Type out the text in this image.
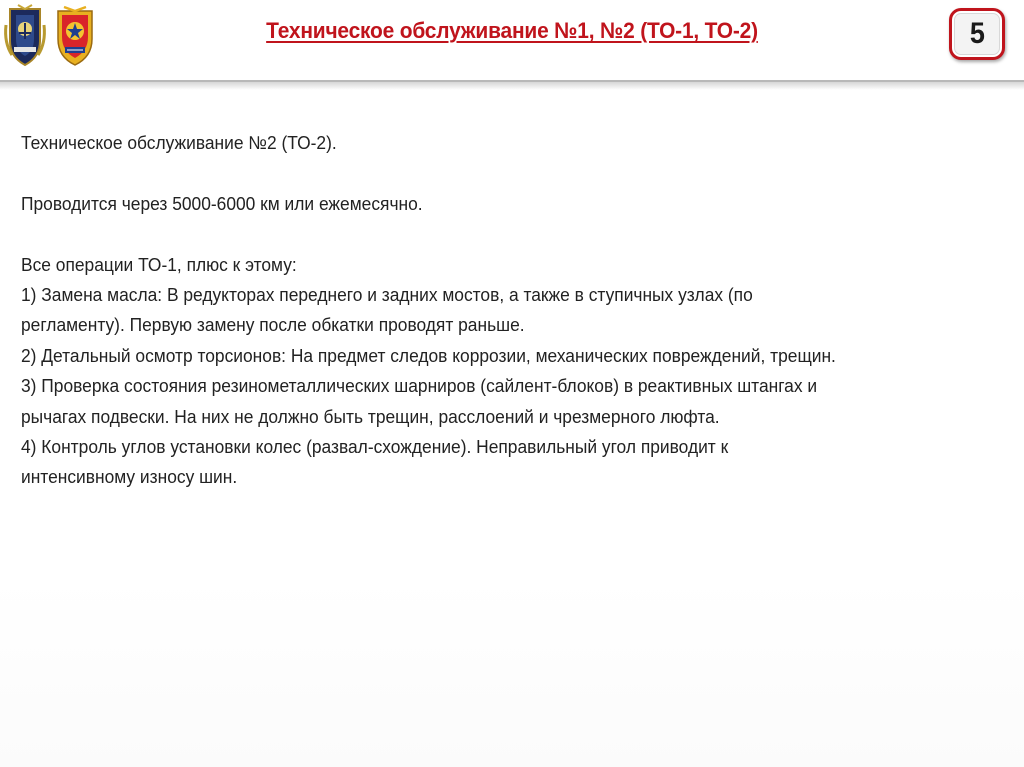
Техническое обслуживание №1, №2 (ТО-1, ТО-2)	5

Техническое обслуживание №2 (ТО-2).

Проводится через 5000-6000 км или ежемесячно.

Все операции ТО-1, плюс к этому:

1) Замена масла: В редукторах переднего и задних мостов, а также в ступичных узлах (по

регламенту). Первую замену после обкатки проводят раньше.

2) Детальный осмотр торсионов: На предмет следов коррозии, механических повреждений, трещин.

3) Проверка состояния резинометаллических шарниров (сайлент-блоков) в реактивных штангах и

рычагах подвески. На них не должно быть трещин, расслоений и чрезмерного люфта.

4) Контроль углов установки колес (развал-схождение). Неправильный угол приводит к

интенсивному износу шин.
